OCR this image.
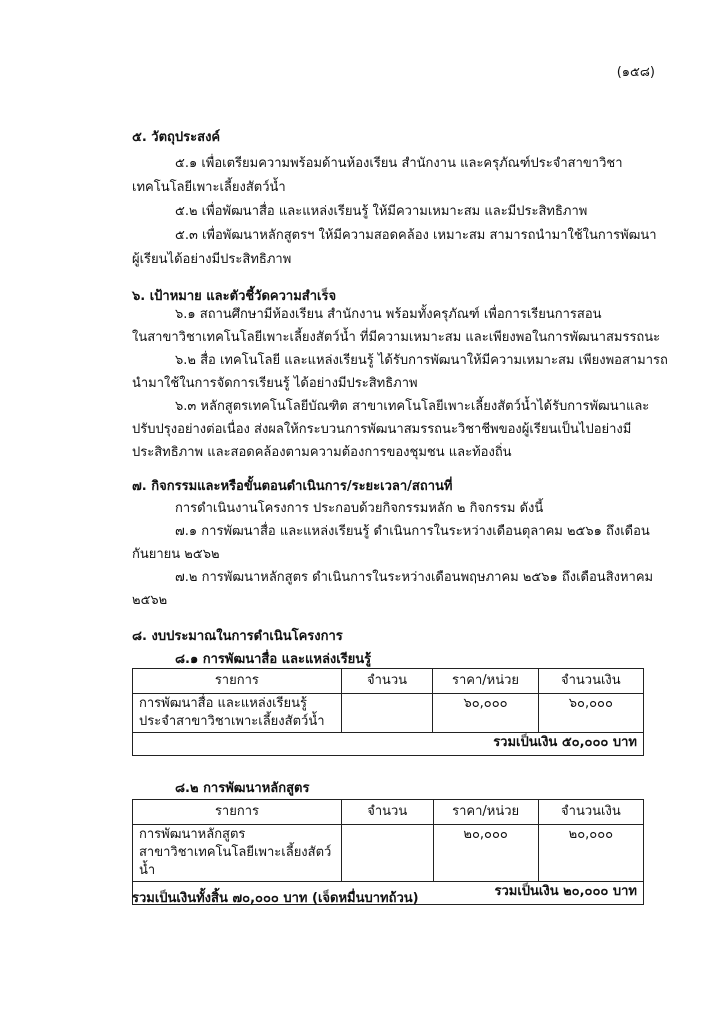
(๑๕๘)
๕. วัตถุประสงค์
๕.๑ เพื่อเตรียมความพร้อมด้านห้องเรียน สำนักงาน และครุภัณฑ์ประจำสาขาวิชา
เทคโนโลยีเพาะเลี้ยงสัตว์น้ำ
๕.๒ เพื่อพัฒนาสื่อ และแหล่งเรียนรู้ ให้มีความเหมาะสม และมีประสิทธิภาพ
๕.๓ เพื่อพัฒนาหลักสูตรฯ ให้มีความสอดคล้อง เหมาะสม สามารถนำมาใช้ในการพัฒนา
ผู้เรียนได้อย่างมีประสิทธิภาพ
๖. เป้าหมาย และตัวชี้วัดความสำเร็จ
๖.๑ สถานศึกษามีห้องเรียน สำนักงาน พร้อมทั้งครุภัณฑ์ เพื่อการเรียนการสอน
ในสาขาวิชาเทคโนโลยีเพาะเลี้ยงสัตว์น้ำ ที่มีความเหมาะสม และเพียงพอในการพัฒนาสมรรถนะ
๖.๒ สื่อ เทคโนโลยี และแหล่งเรียนรู้ ได้รับการพัฒนาให้มีความเหมาะสม เพียงพอสามารถ
นำมาใช้ในการจัดการเรียนรู้ ได้อย่างมีประสิทธิภาพ
๖.๓ หลักสูตรเทคโนโลยีบัณฑิต สาขาเทคโนโลยีเพาะเลี้ยงสัตว์น้ำได้รับการพัฒนาและ
ปรับปรุงอย่างต่อเนื่อง ส่งผลให้กระบวนการพัฒนาสมรรถนะวิชาชีพของผู้เรียนเป็นไปอย่างมี
ประสิทธิภาพ และสอดคล้องตามความต้องการของชุมชน และท้องถิ่น
๗. กิจกรรมและหรือขั้นตอนดำเนินการ/ระยะเวลา/สถานที่
การดำเนินงานโครงการ ประกอบด้วยกิจกรรมหลัก ๒ กิจกรรม ดังนี้
๗.๑ การพัฒนาสื่อ และแหล่งเรียนรู้ ดำเนินการในระหว่างเดือนตุลาคม ๒๕๖๑ ถึงเดือน
กันยายน ๒๕๖๒
๗.๒ การพัฒนาหลักสูตร ดำเนินการในระหว่างเดือนพฤษภาคม ๒๕๖๑ ถึงเดือนสิงหาคม
๒๕๖๒
๘. งบประมาณในการดำเนินโครงการ
๘.๑ การพัฒนาสื่อ และแหล่งเรียนรู้
รายการ	จำนวน	ราคา/หน่วย	จำนวนเงิน

การพัฒนาสื่อ และแหล่งเรียนรู้
ประจำสาขาวิชาเพาะเลี้ยงสัตว์น้ำ		๖๐,๐๐๐	๖๐,๐๐๐
รวมเป็นเงิน ๕๐,๐๐๐ บาท			
๘.๒ การพัฒนาหลักสูตร
รายการ	จำนวน	ราคา/หน่วย	จำนวนเงิน

การพัฒนาหลักสูตร
สาขาวิชาเทคโนโลยีเพาะเลี้ยงสัตว์น้ำ		๒๐,๐๐๐	๒๐,๐๐๐
รวมเป็นเงิน ๒๐,๐๐๐ บาท			
รวมเป็นเงินทั้งสิ้น ๗๐,๐๐๐ บาท (เจ็ดหมื่นบาทถ้วน)
